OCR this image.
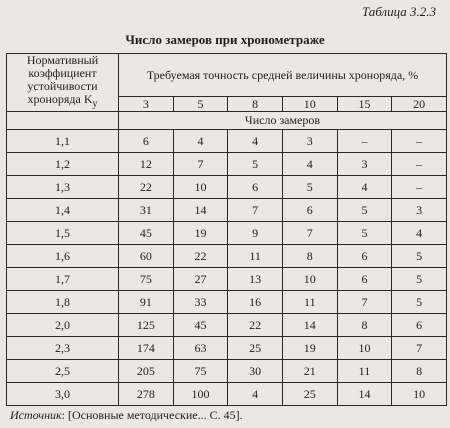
Таблица 3.2.3
Число замеров при хронометраже
Нормативный коэффициент устойчивости хроноряда $K_у$	Требуемая точность средней величины хроноряда, %					
	3	5	8	10	15	20
	Число замеров					
1,1	6	4	4	3	–	–
1,2	12	7	5	4	3	–
1,3	22	10	6	5	4	–
1,4	31	14	7	6	5	3
1,5	45	19	9	7	5	4
1,6	60	22	11	8	6	5
1,7	75	27	13	10	6	5
1,8	91	33	16	11	7	5
2,0	125	45	22	14	8	6
2,3	174	63	25	19	10	7
2,5	205	75	30	21	11	8
3,0	278	100	4	25	14	10
Источник: [Основные методические... С. 45].
